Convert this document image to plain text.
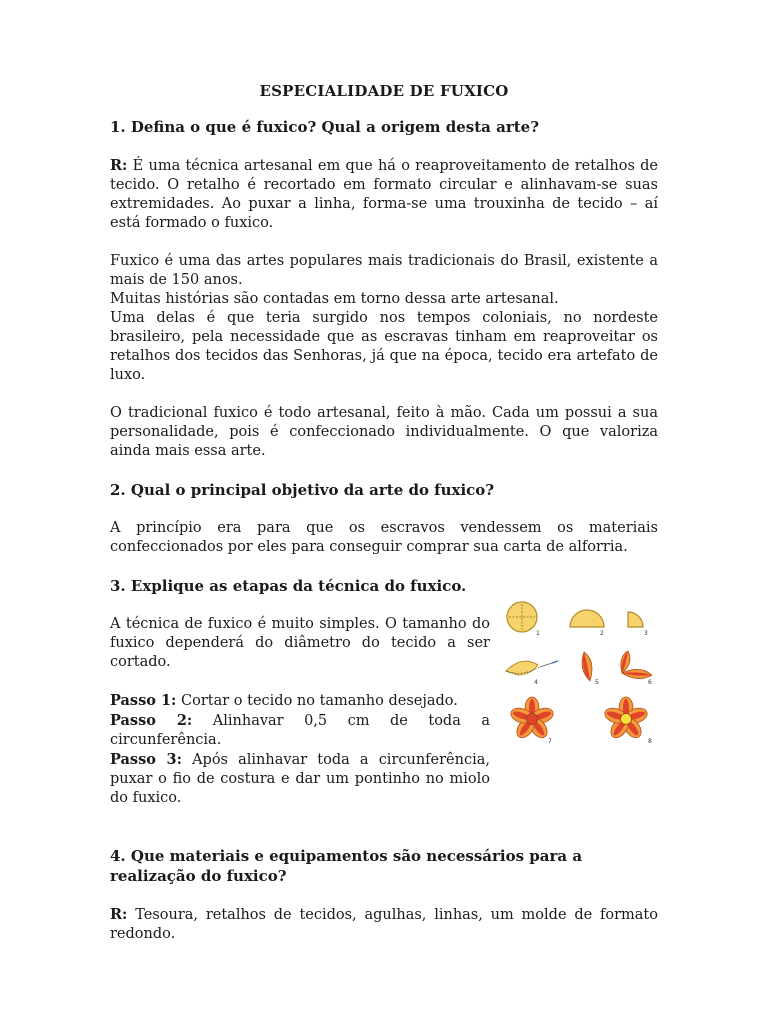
ESPECIALIDADE DE FUXICO
1. Defina o que é fuxico? Qual a origem desta arte?

R: É uma técnica artesanal em que há o reaproveitamento de retalhos de tecido. O retalho é recortado em formato circular e alinhavam-se suas extremidades. Ao puxar a linha, forma-se uma trouxinha de tecido – aí está formado o fuxico.

Fuxico é uma das artes populares mais tradicionais do Brasil, existente a mais de 150 anos.

Muitas histórias são contadas em torno dessa arte artesanal.

Uma delas é que teria surgido nos tempos coloniais, no nordeste brasileiro, pela necessidade que as escravas tinham em reaproveitar os retalhos dos tecidos das Senhoras, já que na época, tecido era artefato de luxo.

O tradicional fuxico é todo artesanal, feito à mão. Cada um possui a sua personalidade, pois é confeccionado individualmente. O que valoriza ainda mais essa arte.

2. Qual o principal objetivo da arte do fuxico?

A princípio era para que os escravos vendessem os materiais confeccionados por eles para conseguir comprar sua carta de alforria.

3. Explique as etapas da técnica do fuxico.

A técnica de fuxico é muito simples. O tamanho do fuxico dependerá do diâmetro do tecido a ser cortado.

Passo 1: Cortar o tecido no tamanho desejado.
Passo 2: Alinhavar 0,5 cm de toda a circunferência.
Passo 3: Após alinhavar toda a circunferência, puxar o fio de costura e dar um pontinho no miolo do fuxico.
1	2	3
4	5	6
7	8
4. Que materiais e equipamentos são necessários para a realização do fuxico?

R: Tesoura, retalhos de tecidos, agulhas, linhas, um molde de formato redondo.
